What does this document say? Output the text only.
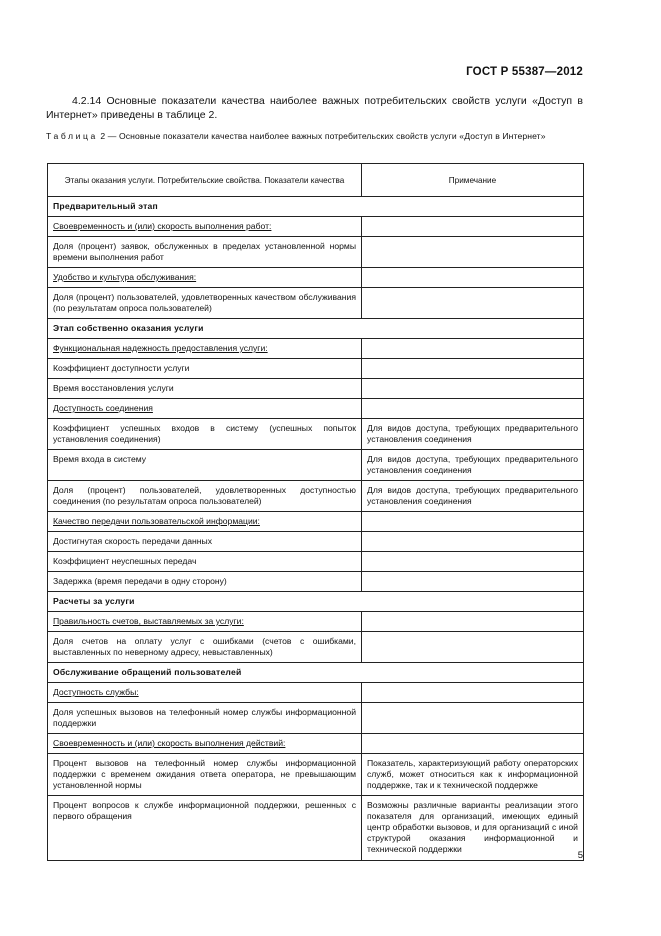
ГОСТ Р 55387—2012

4.2.14 Основные показатели качества наиболее важных потребительских свойств услуги «Доступ в Интернет» приведены в таблице 2.

Таблица 2 — Основные показатели качества наиболее важных потребительских свойств услуги «Доступ в Интернет»
Этапы оказания услуги. Потребительские свойства. Показатели качества	Примечание
Предварительный этап	
Своевременность и (или) скорость выполнения работ:	
Доля (процент) заявок, обслуженных в пределах установленной нормы времени выполнения работ	
Удобство и культура обслуживания:	
Доля (процент) пользователей, удовлетворенных качеством обслуживания (по результатам опроса пользователей)	
Этап собственно оказания услуги	
Функциональная надежность предоставления услуги:	
Коэффициент доступности услуги	
Время восстановления услуги	
Доступность соединения	
Коэффициент успешных входов в систему (успешных попыток установления соединения)	Для видов доступа, требующих предварительного установления соединения
Время входа в систему	Для видов доступа, требующих предварительного установления соединения
Доля (процент) пользователей, удовлетворенных доступностью соединения (по результатам опроса пользователей)	Для видов доступа, требующих предварительного установления соединения
Качество передачи пользовательской информации:	
Достигнутая скорость передачи данных	
Коэффициент неуспешных передач	
Задержка (время передачи в одну сторону)	
Расчеты за услуги	
Правильность счетов, выставляемых за услуги:	
Доля счетов на оплату услуг с ошибками (счетов с ошибками, выставленных по неверному адресу, невыставленных)	
Обслуживание обращений пользователей	
Доступность службы:	
Доля успешных вызовов на телефонный номер службы информационной поддержки	
Своевременность и (или) скорость выполнения действий:	
Процент вызовов на телефонный номер службы информационной поддержки с временем ожидания ответа оператора, не превышающим установленной нормы	Показатель, характеризующий работу операторских служб, может относиться как к информационной поддержке, так и к технической поддержке
Процент вопросов к службе информационной поддержки, решенных с первого обращения	Возможны различные варианты реализации этого показателя для организаций, имеющих единый центр обработки вызовов, и для организаций с иной структурой оказания информационной и технической поддержки
5
